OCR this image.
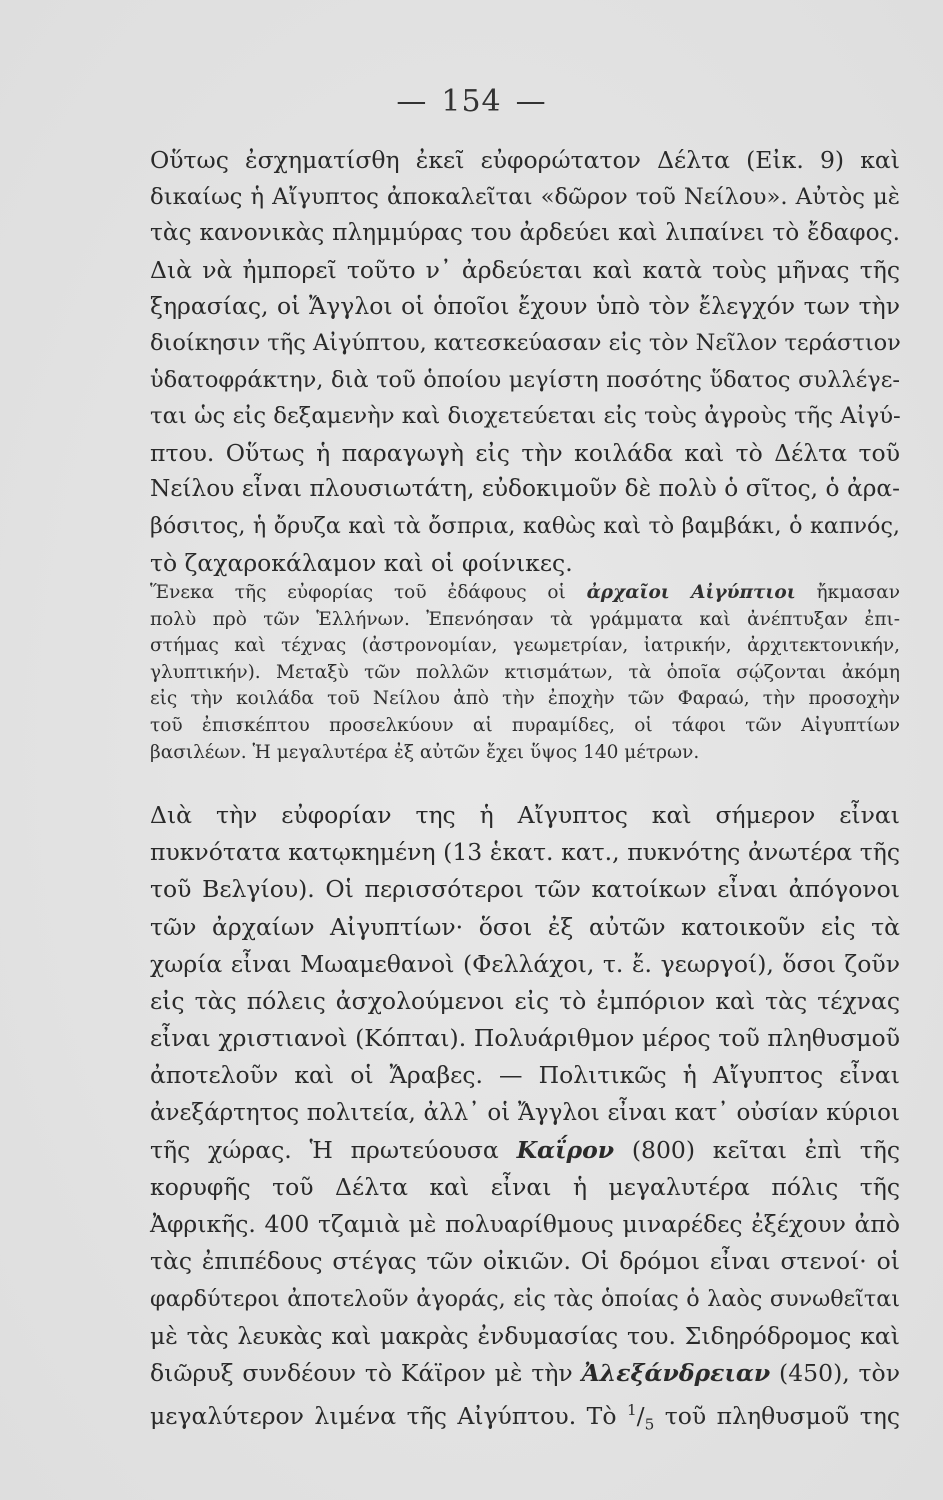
— 154 —
Οὕτως ἐσχηματίσθη ἐκεῖ εὐφορώτατον Δέλτα (Εἰκ. 9) καὶ
δικαίως ἡ Αἴγυπτος ἀποκαλεῖται «δῶρον τοῦ Νείλου». Αὐτὸς μὲ
τὰς κανονικὰς πλημμύρας του ἀρδεύει καὶ λιπαίνει τὸ ἔδαφος.
Διὰ νὰ ἠμπορεῖ τοῦτο ν᾿ ἀρδεύεται καὶ κατὰ τοὺς μῆνας τῆς
ξηρασίας, οἱ Ἄγγλοι οἱ ὁποῖοι ἔχουν ὑπὸ τὸν ἔλεγχόν των τὴν
διοίκησιν τῆς Αἰγύπτου, κατεσκεύασαν εἰς τὸν Νεῖλον τεράστιον
ὑδατοφράκτην, διὰ τοῦ ὁποίου μεγίστη ποσότης ὕδατος συλλέγε-
ται ὡς εἰς δεξαμενὴν καὶ διοχετεύεται εἰς τοὺς ἀγροὺς τῆς Αἰγύ-
πτου. Οὕτως ἡ παραγωγὴ εἰς τὴν κοιλάδα καὶ τὸ Δέλτα τοῦ
Νείλου εἶναι πλουσιωτάτη, εὐδοκιμοῦν δὲ πολὺ ὁ σῖτος, ὁ ἀρα-
βόσιτος, ἡ ὄρυζα καὶ τὰ ὄσπρια, καθὼς καὶ τὸ βαμβάκι, ὁ καπνός,
τὸ ζαχαροκάλαμον καὶ οἱ φοίνικες.
Ἕνεκα τῆς εὐφορίας τοῦ ἐδάφους οἱ ἀρχαῖοι Αἰγύπτιοι ἤκμασαν
πολὺ πρὸ τῶν Ἑλλήνων. Ἐπενόησαν τὰ γράμματα καὶ ἀνέπτυξαν ἐπι-
στήμας καὶ τέχνας (ἀστρονομίαν, γεωμετρίαν, ἰατρικήν, ἀρχιτεκτονικήν,
γλυπτικήν). Μεταξὺ τῶν πολλῶν κτισμάτων, τὰ ὁποῖα σῴζονται ἀκόμη
εἰς τὴν κοιλάδα τοῦ Νείλου ἀπὸ τὴν ἐποχὴν τῶν Φαραώ, τὴν προσοχὴν
τοῦ ἐπισκέπτου προσελκύουν αἱ πυραμίδες, οἱ τάφοι τῶν Αἰγυπτίων
βασιλέων. Ἡ μεγαλυτέρα ἐξ αὐτῶν ἔχει ὕψος 140 μέτρων.
Διὰ τὴν εὐφορίαν της ἡ Αἴγυπτος καὶ σήμερον εἶναι
πυκνότατα κατῳκημένη (13 ἑκατ. κατ., πυκνότης ἀνωτέρα τῆς
τοῦ Βελγίου). Οἱ περισσότεροι τῶν κατοίκων εἶναι ἀπόγονοι
τῶν ἀρχαίων Αἰγυπτίων· ὅσοι ἐξ αὐτῶν κατοικοῦν εἰς τὰ
χωρία εἶναι Μωαμεθανοὶ (Φελλάχοι, τ. ἔ. γεωργοί), ὅσοι ζοῦν
εἰς τὰς πόλεις ἀσχολούμενοι εἰς τὸ ἐμπόριον καὶ τὰς τέχνας
εἶναι χριστιανοὶ (Κόπται). Πολυάριθμον μέρος τοῦ πληθυσμοῦ
ἀποτελοῦν καὶ οἱ Ἄραβες. — Πολιτικῶς ἡ Αἴγυπτος εἶναι
ἀνεξάρτητος πολιτεία, ἀλλ᾿ οἱ Ἄγγλοι εἶναι κατ᾿ οὐσίαν κύριοι
τῆς χώρας. Ἡ πρωτεύουσα Καΐρον (800) κεῖται ἐπὶ τῆς
κορυφῆς τοῦ Δέλτα καὶ εἶναι ἡ μεγαλυτέρα πόλις τῆς
Ἀφρικῆς. 400 τζαμιὰ μὲ πολυαρίθμους μιναρέδες ἐξέχουν ἀπὸ
τὰς ἐπιπέδους στέγας τῶν οἰκιῶν. Οἱ δρόμοι εἶναι στενοί· οἱ
φαρδύτεροι ἀποτελοῦν ἀγοράς, εἰς τὰς ὁποίας ὁ λαὸς συνωθεῖται
μὲ τὰς λευκὰς καὶ μακρὰς ἐνδυμασίας του. Σιδηρόδρομος καὶ
διῶρυξ συνδέουν τὸ Κάϊρον μὲ τὴν Ἀλεξάνδρειαν (450), τὸν
μεγαλύτερον λιμένα τῆς Αἰγύπτου. Τὸ $^1/_5$ τοῦ πληθυσμοῦ της
